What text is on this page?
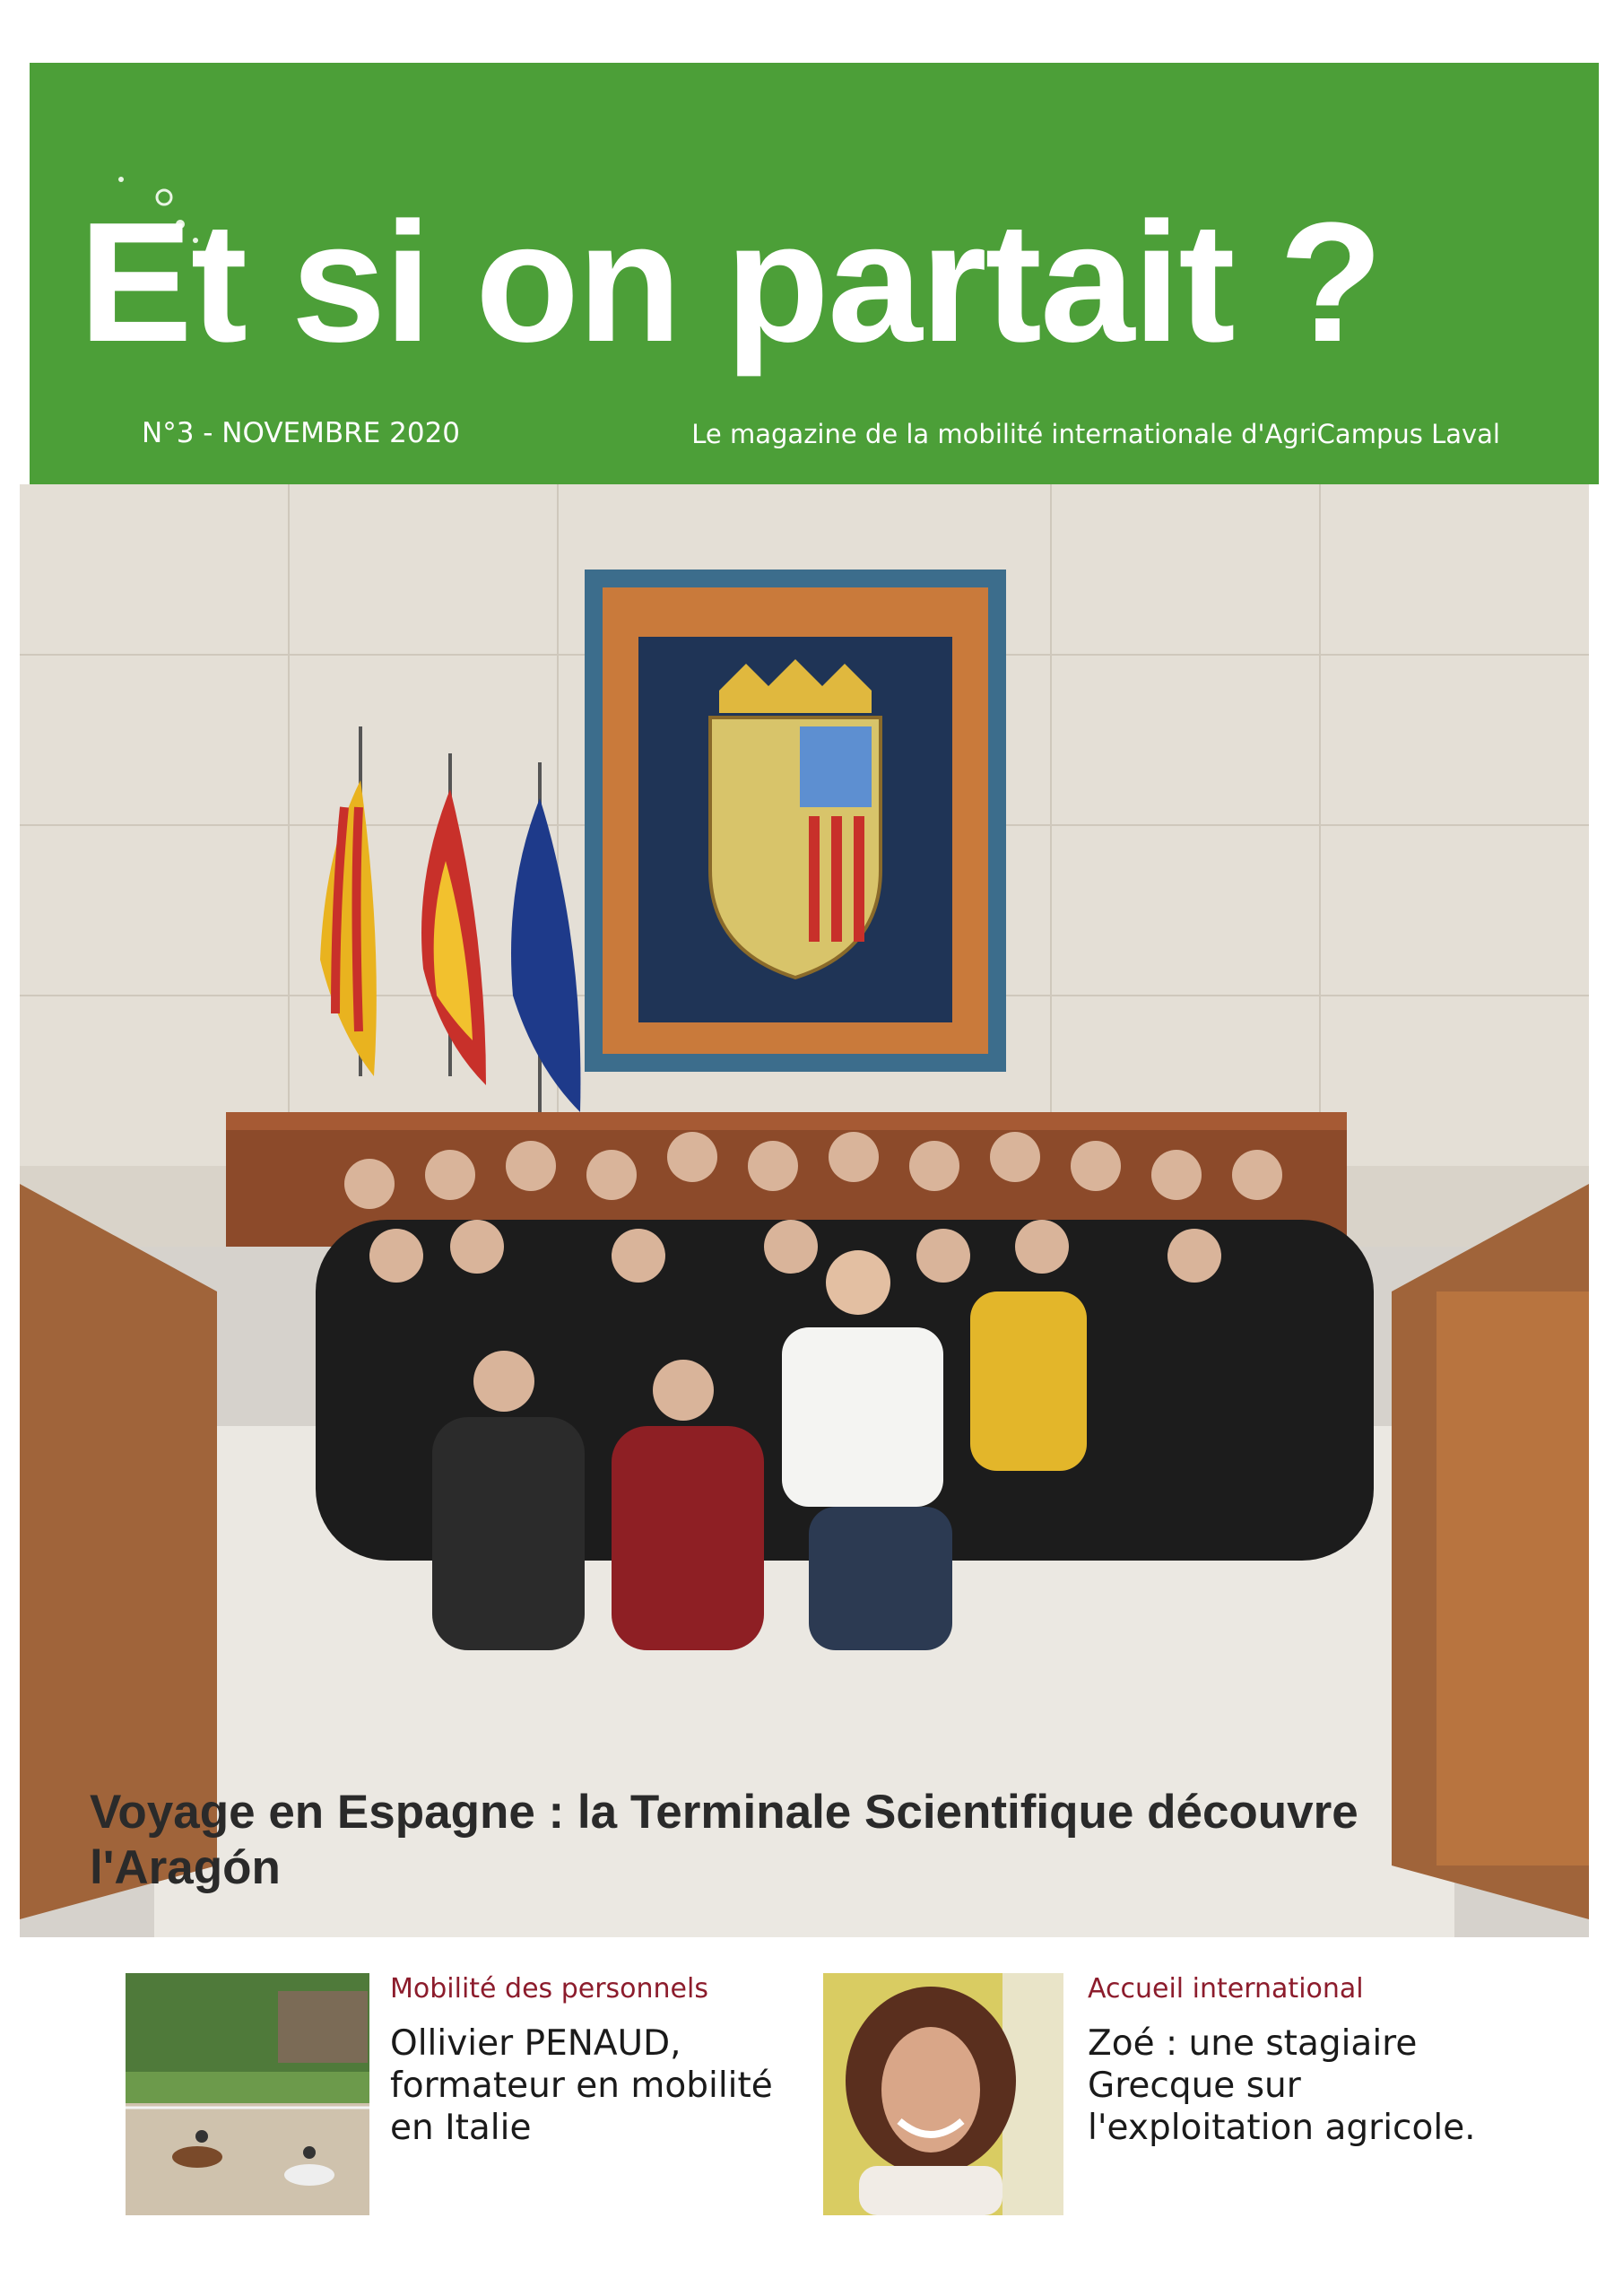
Et si on partait ?
N°3 - NOVEMBRE 2020	Le magazine de la mobilité internationale d'AgriCampus Laval
Voyage en Espagne : la Terminale Scientifique découvre l'Aragón
Mobilité des personnels
Ollivier PENAUD, formateur en mobilité en Italie
Accueil international
Zoé : une stagiaire Grecque sur l'exploitation agricole.
